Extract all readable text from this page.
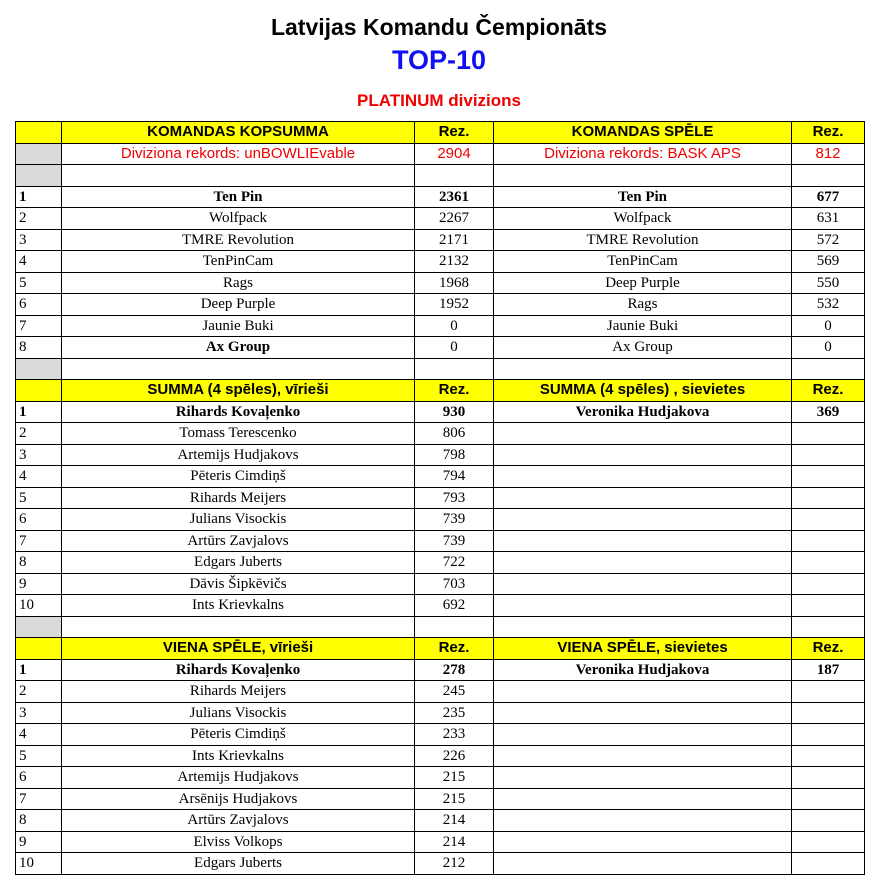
Latvijas Komandu Čempionāts
TOP-10
PLATINUM divizions
	KOMANDAS KOPSUMMA	Rez.	KOMANDAS SPĒLE	Rez.
	Diviziona rekords: unBOWLIEvable	2904	Diviziona rekords: BASK APS	812

1	Ten Pin	2361	Ten Pin	677
2	Wolfpack	2267	Wolfpack	631
3	TMRE Revolution	2171	TMRE Revolution	572
4	TenPinCam	2132	TenPinCam	569
5	Rags	1968	Deep Purple	550
6	Deep Purple	1952	Rags	532
7	Jaunie Buki	0	Jaunie Buki	0
8	Ax Group	0	Ax Group	0

	SUMMA (4 spēles), vīrieši	Rez.	SUMMA (4 spēles) , sievietes	Rez.
1	Rihards Kovaļenko	930	Veronika Hudjakova	369
2	Tomass Terescenko	806		
3	Artemijs Hudjakovs	798		
4	Pēteris Cimdiņš	794		
5	Rihards Meijers	793		
6	Julians Visockis	739		
7	Artūrs Zavjalovs	739		
8	Edgars Juberts	722		
9	Dāvis Šipkēvičs	703		
10	Ints Krievkalns	692		

	VIENA SPĒLE, vīrieši	Rez.	VIENA SPĒLE, sievietes	Rez.
1	Rihards Kovaļenko	278	Veronika Hudjakova	187
2	Rihards Meijers	245		
3	Julians Visockis	235		
4	Pēteris Cimdiņš	233		
5	Ints Krievkalns	226		
6	Artemijs Hudjakovs	215		
7	Arsēnijs Hudjakovs	215		
8	Artūrs Zavjalovs	214		
9	Elviss Volkops	214		
10	Edgars Juberts	212		
